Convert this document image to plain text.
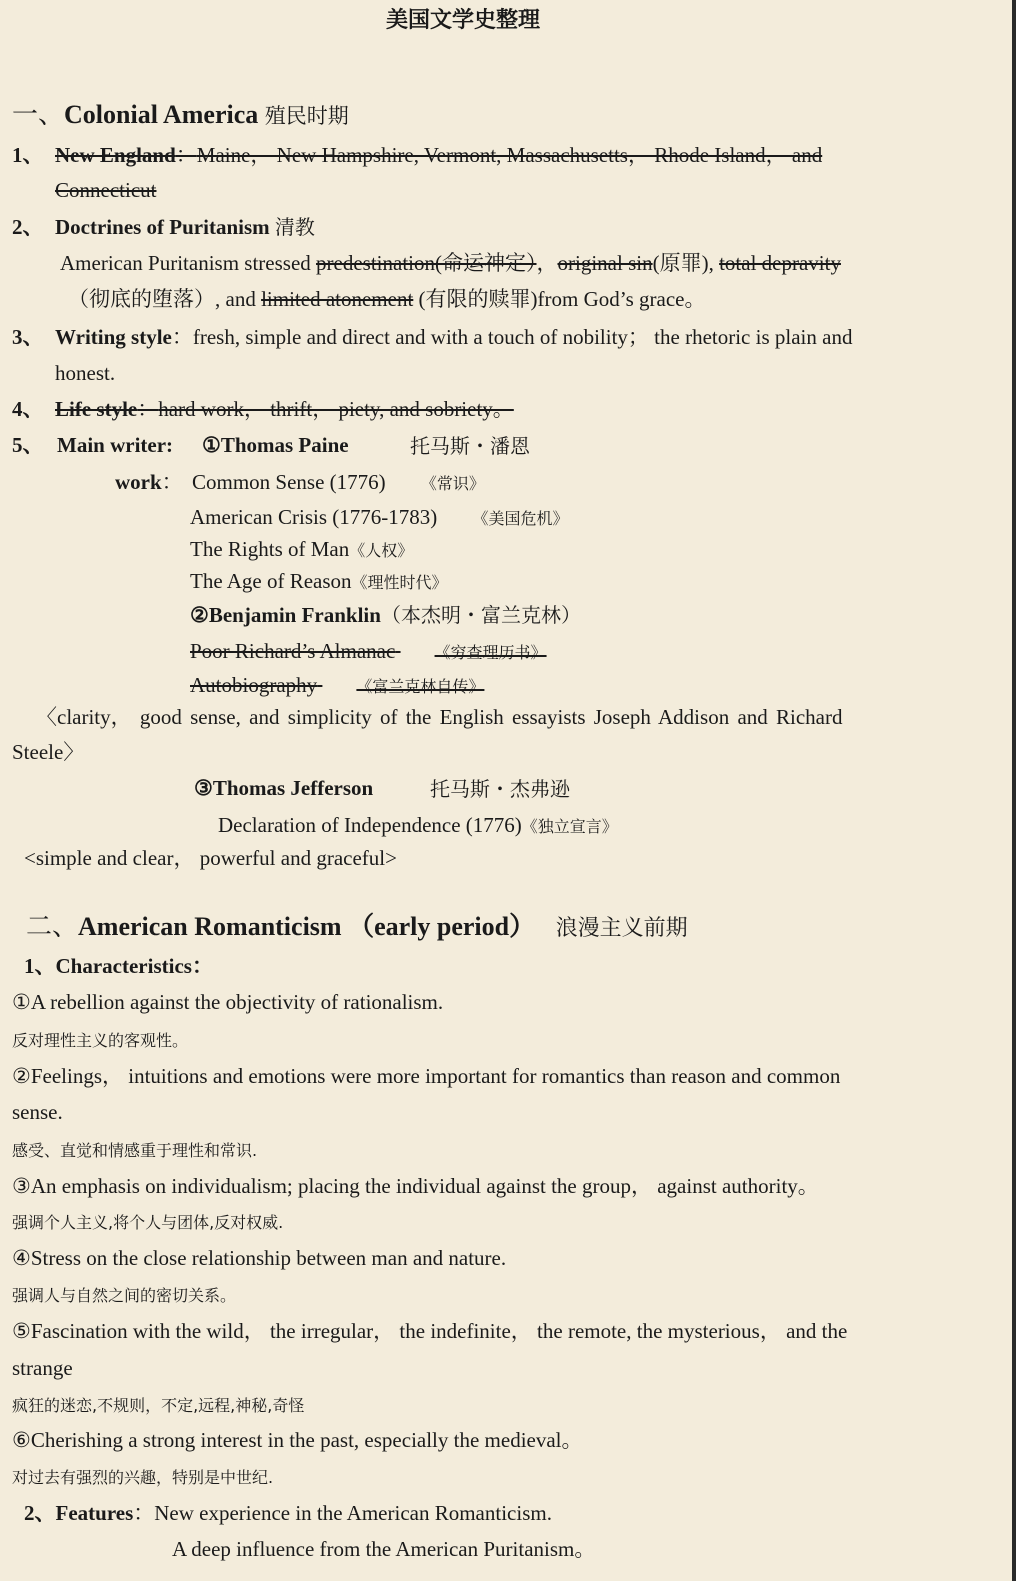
美国文学史整理
一、Colonial America 殖民时期
1、 New England：Maine， New Hampshire, Vermont, Massachusetts， Rhode Island， and
Connecticut
2、 Doctrines of Puritanism 清教
American Puritanism stressed predestination(命运神定），original sin(原罪), total depravity
（彻底的堕落）, and limited atonement (有限的赎罪)from God’s grace。
3、 Writing style：fresh, simple and direct and with a touch of nobility； the rhetoric is plain and
honest.
4、 Life style：hard work， thrift， piety, and sobriety。
5、 Main writer: ①Thomas Paine	托马斯・潘恩
work： Common Sense (1776) 《常识》
American Crisis (1776-1783) 《美国危机》
The Rights of Man《人权》
The Age of Reason《理性时代》
②Benjamin Franklin（本杰明・富兰克林）
Poor Richard’s Almanac 《穷查理历书》
Autobiography 《富兰克林自传》
〈clarity， good sense, and simplicity of the English essayists Joseph Addison and Richard
Steele〉
③Thomas Jefferson	托马斯・杰弗逊
Declaration of Independence (1776)《独立宣言》
<simple and clear， powerful and graceful>
二、American Romanticism （early period） 浪漫主义前期
1、Characteristics：
①A rebellion against the objectivity of rationalism.
反对理性主义的客观性。
②Feelings， intuitions and emotions were more important for romantics than reason and common
sense.
感受、直觉和情感重于理性和常识.
③An emphasis on individualism; placing the individual against the group， against authority。
强调个人主义,将个人与团体,反对权威.
④Stress on the close relationship between man and nature.
强调人与自然之间的密切关系。
⑤Fascination with the wild， the irregular， the indefinite， the remote, the mysterious， and the
strange
疯狂的迷恋,不规则，不定,远程,神秘,奇怪
⑥Cherishing a strong interest in the past, especially the medieval。
对过去有强烈的兴趣，特别是中世纪.
2、Features：New experience in the American Romanticism.
A deep influence from the American Puritanism。
